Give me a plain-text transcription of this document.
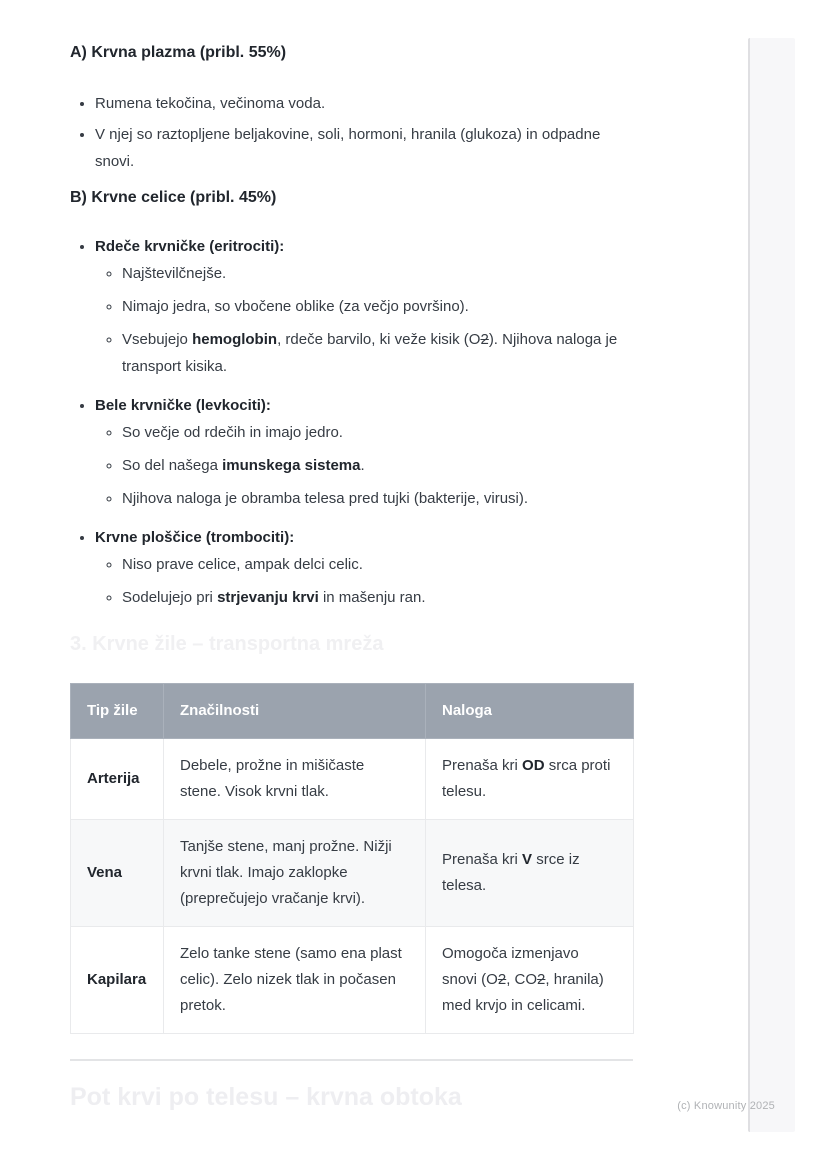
A) Krvna plazma (pribl. 55%)
• Rumena tekočina, večinoma voda.
• V njej so raztopljene beljakovine, soli, hormoni, hranila (glukoza) in odpadne snovi.
B) Krvne celice (pribl. 45%)
• Rdeče krvničke (eritrociti):
◦ Najštevilčnejše.
◦ Nimajo jedra, so vbočene oblike (za večjo površino).
◦ Vsebujejo hemoglobin, rdeče barvilo, ki veže kisik (O2). Njihova naloga je transport kisika.
• Bele krvničke (levkociti):
◦ So večje od rdečih in imajo jedro.
◦ So del našega imunskega sistema.
◦ Njihova naloga je obramba telesa pred tujki (bakterije, virusi).
• Krvne ploščice (trombociti):
◦ Niso prave celice, ampak delci celic.
◦ Sodelujejo pri strjevanju krvi in mašenju ran.
3. Krvne žile – transportna mreža
Tip žile	Značilnosti	Naloga
Arterija	Debele, prožne in mišičaste stene. Visok krvni tlak.	Prenaša kri OD srca proti telesu.
Vena	Tanjše stene, manj prožne. Nižji krvni tlak. Imajo zaklopke (preprečujejo vračanje krvi).	Prenaša kri V srce iz telesa.
Kapilara	Zelo tanke stene (samo ena plast celic). Zelo nizek tlak in počasen pretok.	Omogoča izmenjavo snovi (O2, CO2, hranila) med krvjo in celicami.
Pot krvi po telesu – krvna obtoka	(c) Knowunity 2025
